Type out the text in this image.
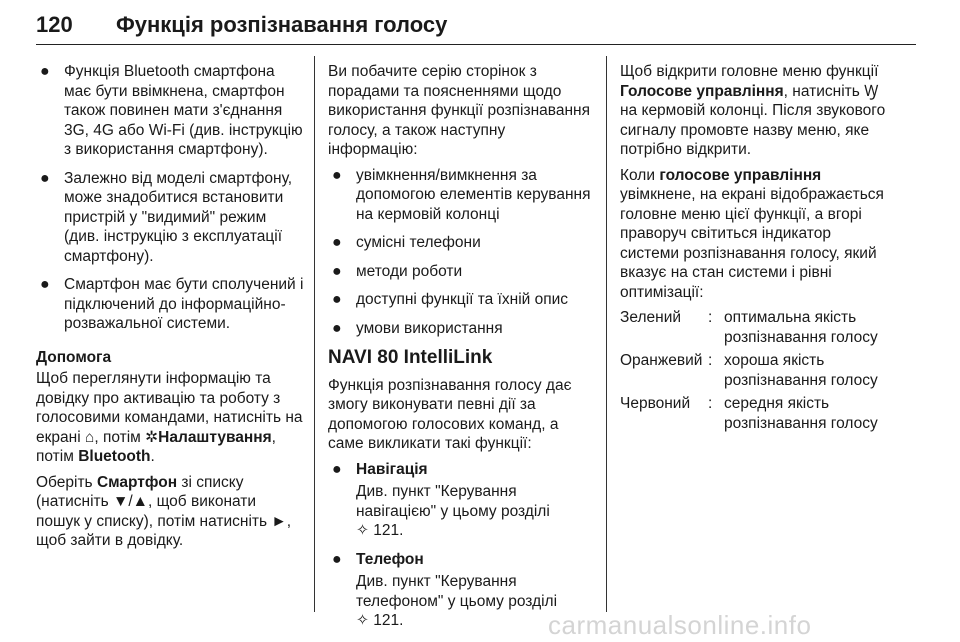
120 Функція розпізнавання голосу
● Функція Bluetooth смартфона має бути ввімкнена, смартфон також повинен мати з'єднання 3G, 4G або Wi-Fi (див. інструкцію з використання смартфону).
● Залежно від моделі смартфону, може знадобитися встановити пристрій у "видимий" режим (див. інструкцію з експлуатації смартфону).
● Смартфон має бути сполучений і підключений до інформаційно-розважальної системи.
Допомога

Щоб переглянути інформацію та довідку про активацію та роботу з голосовими командами, натисніть на екрані ⌂, потім ✲Налаштування, потім Bluetooth.

Оберіть Смартфон зі списку (натисніть ▼/▲, щоб виконати пошук у списку), потім натисніть ►, щоб зайти в довідку.

Ви побачите серію сторінок з порадами та поясненнями щодо використання функції розпізнавання голосу, а також наступну інформацію:

● увімкнення/вимкнення за допомогою елементів керування на кермовій колонці
● сумісні телефони
● методи роботи
● доступні функції та їхній опис
● умови використання
NAVI 80 IntelliLink

Функція розпізнавання голосу дає змогу виконувати певні дії за допомогою голосових команд, а саме викликати такі функції:

● Навігація
Див. пункт "Керування навігацією" у цьому розділі
✧ 121.
● Телефон
Див. пункт "Керування телефоном" у цьому розділі
✧ 121.

Щоб відкрити головне меню функції Голосове управління, натисніть Ꝡ на кермовій колонці. Після звукового сигналу промовте назву меню, яке потрібно відкрити.

Коли голосове управління увімкнене, на екрані відображається головне меню цієї функції, а вгорі праворуч світиться індикатор системи розпізнавання голосу, який вказує на стан системи і рівні оптимізації:

Зелений	:	оптимальна якість розпізнавання голосу
Оранжевий	:	хороша якість розпізнавання голосу
Червоний	:	середня якість розпізнавання голосу
carmanualsonline.info
